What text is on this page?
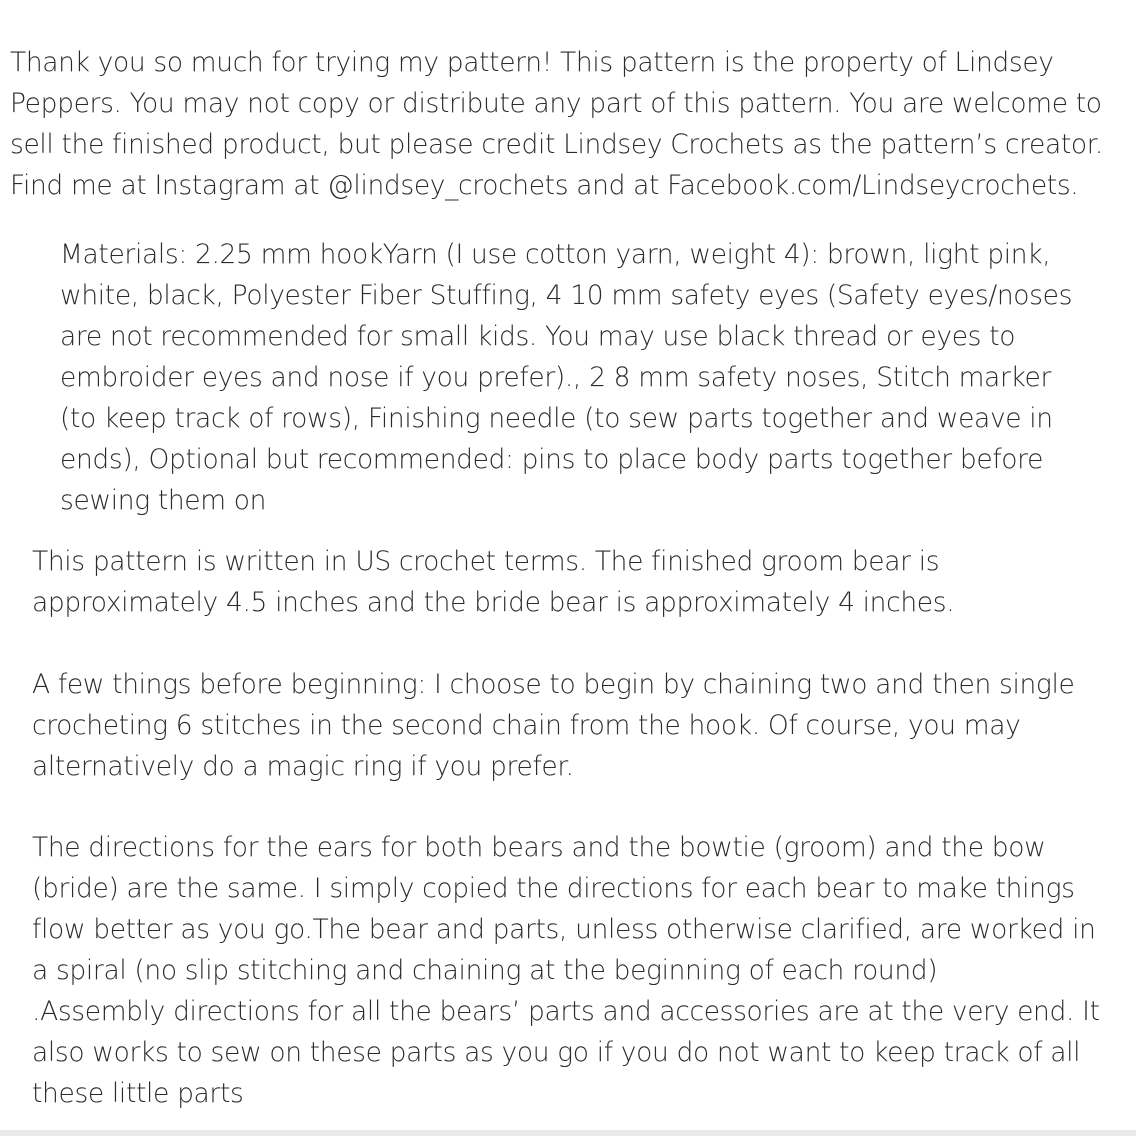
Thank you so much for trying my pattern! This pattern is the property of Lindsey
Peppers. You may not copy or distribute any part of this pattern. You are welcome to
sell the finished product, but please credit Lindsey Crochets as the pattern’s creator.
Find me at Instagram at @lindsey_crochets and at Facebook.com/Lindseycrochets.

Materials: 2.25 mm hookYarn (I use cotton yarn, weight 4): brown, light pink,
white, black, Polyester Fiber Stuffing, 4 10 mm safety eyes (Safety eyes/noses
are not recommended for small kids. You may use black thread or eyes to
embroider eyes and nose if you prefer)., 2 8 mm safety noses, Stitch marker
(to keep track of rows), Finishing needle (to sew parts together and weave in
ends), Optional but recommended: pins to place body parts together before
sewing them on

This pattern is written in US crochet terms. The finished groom bear is
approximately 4.5 inches and the bride bear is approximately 4 inches.

A few things before beginning: I choose to begin by chaining two and then single
crocheting 6 stitches in the second chain from the hook. Of course, you may
alternatively do a magic ring if you prefer.

The directions for the ears for both bears and the bowtie (groom) and the bow
(bride) are the same. I simply copied the directions for each bear to make things
flow better as you go.The bear and parts, unless otherwise clarified, are worked in
a spiral (no slip stitching and chaining at the beginning of each round)
.Assembly directions for all the bears’ parts and accessories are at the very end. It
also works to sew on these parts as you go if you do not want to keep track of all
these little parts
